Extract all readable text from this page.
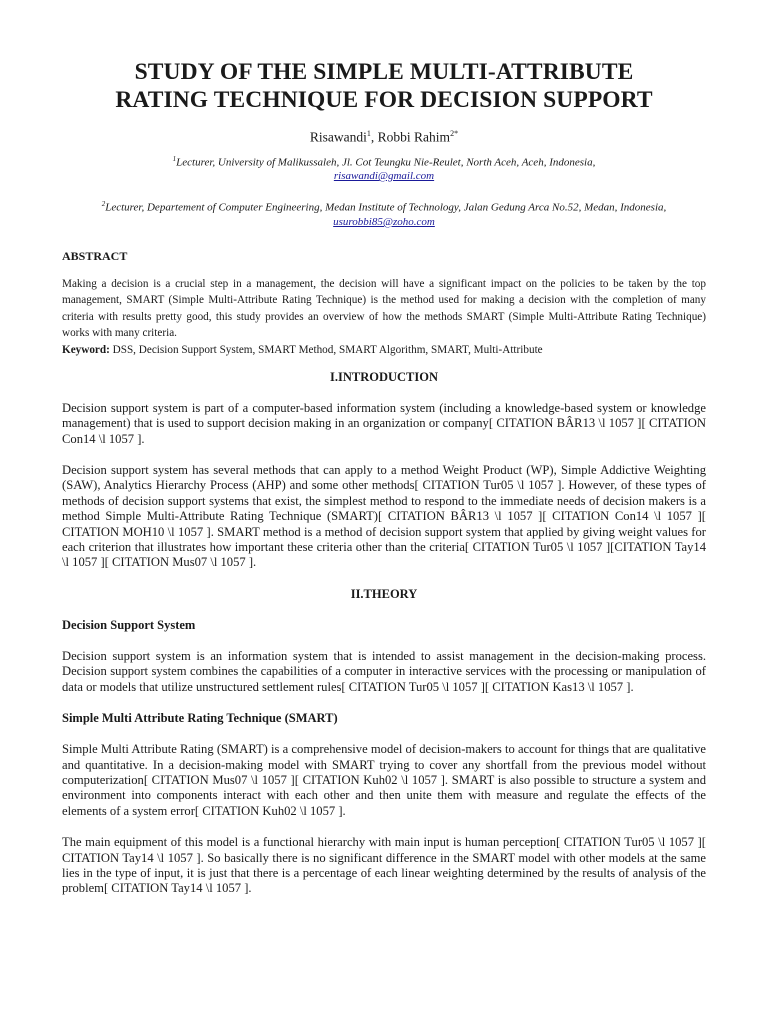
STUDY OF THE SIMPLE MULTI-ATTRIBUTE
RATING TECHNIQUE FOR DECISION SUPPORT
Risawandi$^1$, Robbi Rahim$^{2*}$
$^1$Lecturer, University of Malikussaleh, Jl. Cot Teungku Nie-Reulet, North Aceh, Aceh, Indonesia,
risawandi@gmail.com
$^2$Lecturer, Departement of Computer Engineering, Medan Institute of Technology, Jalan Gedung Arca No.52, Medan, Indonesia, usurobbi85@zoho.com
ABSTRACT
Making a decision is a crucial step in a management, the decision will have a significant impact on the policies to be taken by the top management, SMART (Simple Multi-Attribute Rating Technique) is the method used for making a decision with the completion of many criteria with results pretty good, this study provides an overview of how the methods SMART (Simple Multi-Attribute Rating Technique) works with many criteria.
Keyword: DSS, Decision Support System, SMART Method, SMART Algorithm, SMART, Multi-Attribute
I.INTRODUCTION

Decision support system is part of a computer-based information system (including a knowledge-based system or knowledge management) that is used to support decision making in an organization or company[ CITATION BÂR13 \l 1057 ][ CITATION Con14 \l 1057 ].

Decision support system has several methods that can apply to a method Weight Product (WP), Simple Addictive Weighting (SAW), Analytics Hierarchy Process (AHP) and some other methods[ CITATION Tur05 \l 1057 ]. However, of these types of methods of decision support systems that exist, the simplest method to respond to the immediate needs of decision makers is a method Simple Multi-Attribute Rating Technique (SMART)[ CITATION BÂR13 \l 1057 ][ CITATION Con14 \l 1057 ][ CITATION MOH10 \l 1057 ]. SMART method is a method of decision support system that applied by giving weight values for each criterion that illustrates how important these criteria other than the criteria[ CITATION Tur05 \l 1057 ][CITATION Tay14 \l 1057 ][ CITATION Mus07 \l 1057 ].

II.THEORY
Decision Support System

Decision support system is an information system that is intended to assist management in the decision-making process. Decision support system combines the capabilities of a computer in interactive services with the processing or manipulation of data or models that utilize unstructured settlement rules[ CITATION Tur05 \l 1057 ][ CITATION Kas13 \l 1057 ].

Simple Multi Attribute Rating Technique (SMART)

Simple Multi Attribute Rating (SMART) is a comprehensive model of decision-makers to account for things that are qualitative and quantitative. In a decision-making model with SMART trying to cover any shortfall from the previous model without computerization[ CITATION Mus07 \l 1057 ][ CITATION Kuh02 \l 1057 ]. SMART is also possible to structure a system and environment into components interact with each other and then unite them with measure and regulate the effects of the elements of a system error[ CITATION Kuh02 \l 1057 ].

The main equipment of this model is a functional hierarchy with main input is human perception[ CITATION Tur05 \l 1057 ][ CITATION Tay14 \l 1057 ]. So basically there is no significant difference in the SMART model with other models at the same lies in the type of input, it is just that there is a percentage of each linear weighting determined by the results of analysis of the problem[ CITATION Tay14 \l 1057 ].
